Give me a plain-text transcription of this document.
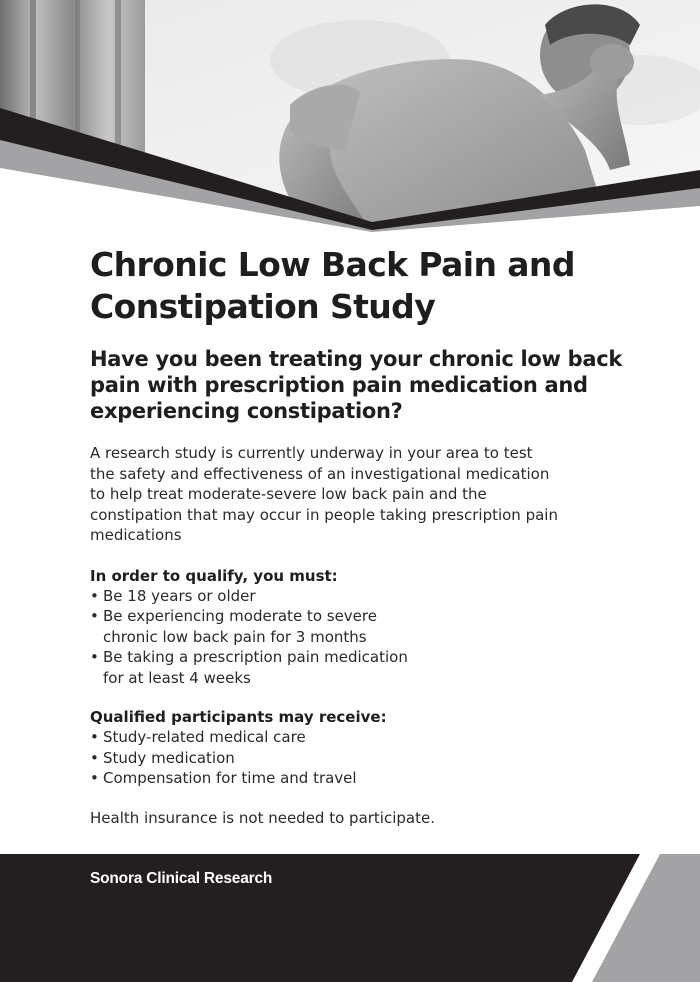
Chronic Low Back Pain and Constipation Study
Have you been treating your chronic low back pain with prescription pain medication and experiencing constipation?

A research study is currently underway in your area to test the safety and effectiveness of an investigational medication to help treat moderate-severe low back pain and the constipation that may occur in people taking prescription pain medications

In order to qualify, you must:
• Be 18 years or older
• Be experiencing moderate to severe chronic low back pain for 3 months
• Be taking a prescription pain medication for at least 4 weeks
Qualified participants may receive:
• Study-related medical care
• Study medication
• Compensation for time and travel

Health insurance is not needed to participate.

Sonora Clinical Research
